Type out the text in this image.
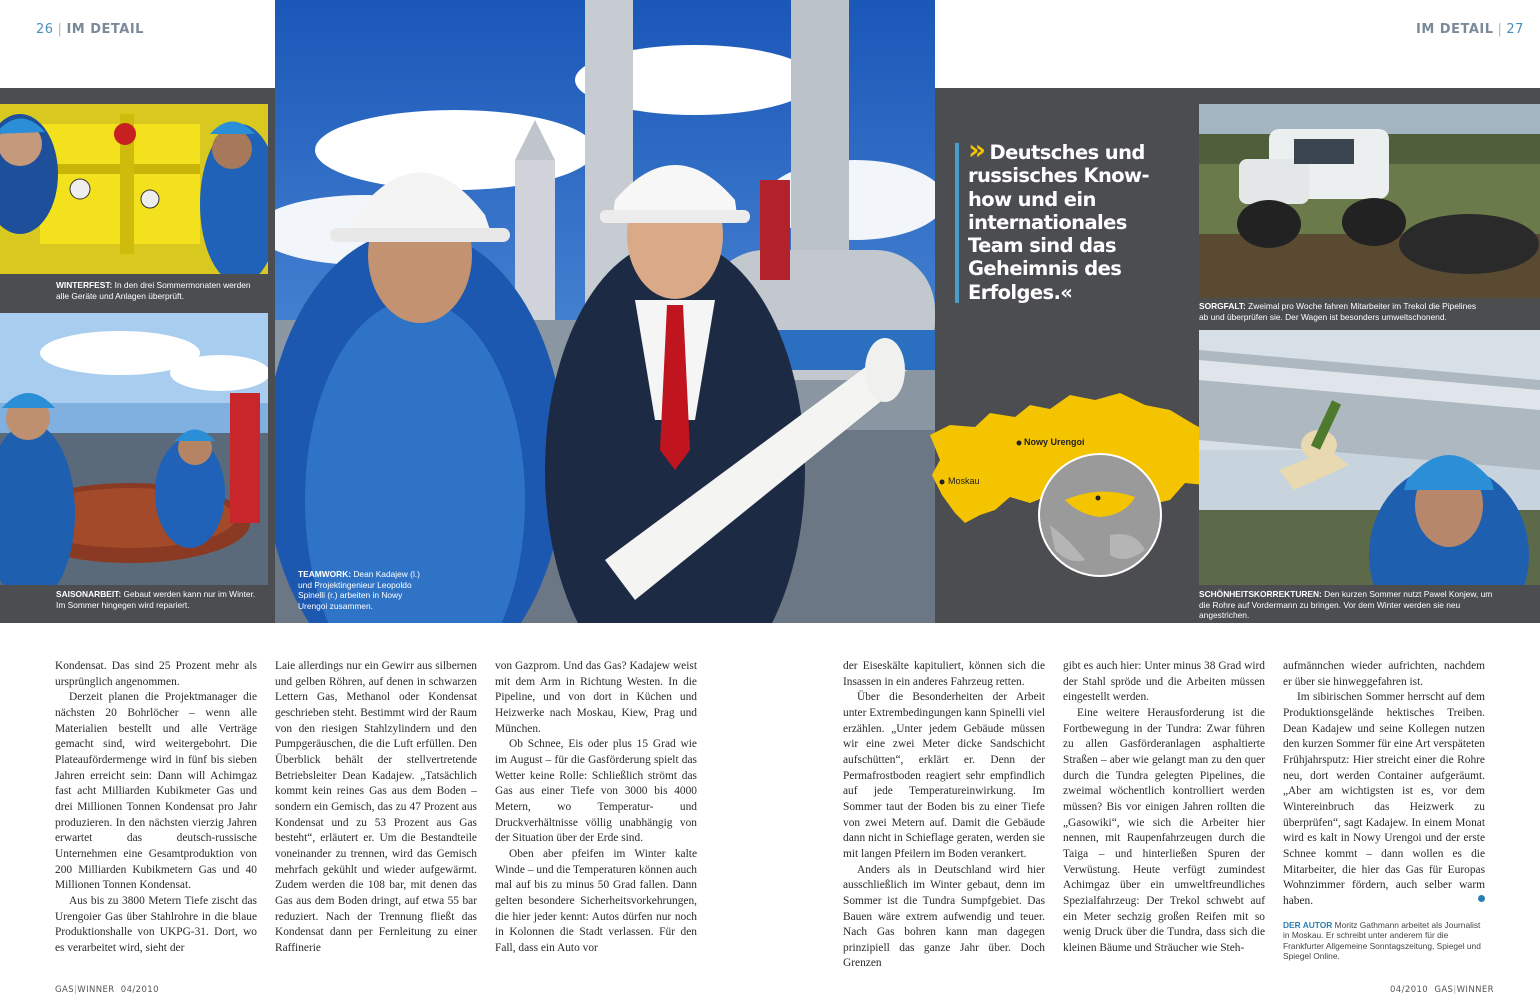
26 | IM DETAIL	IM DETAIL | 27
WINTERFEST: In den drei Sommermonaten werden alle Geräte und Anlagen überprüft.
SAISONARBEIT: Gebaut werden kann nur im Winter. Im Sommer hingegen wird repariert.
TEAMWORK: Dean Kadajew (l.) und Projektingenieur Leopoldo Spinelli (r.) arbeiten in Nowy Urengoi zusammen.
» Deutsches und russisches Know-how und ein internationales Team sind das Geheimnis des Erfolges.«
Nowy Urengoi
Moskau
SORGFALT: Zweimal pro Woche fahren Mitarbeiter im Trekol die Pipelines ab und überprüfen sie. Der Wagen ist besonders umweltschonend.
SCHÖNHEITSKORREKTUREN: Den kurzen Sommer nutzt Pawel Konjew, um die Rohre auf Vordermann zu bringen. Vor dem Winter werden sie neu angestrichen.

Kondensat. Das sind 25 Prozent mehr als ursprünglich angenommen.

Derzeit planen die Projektmanager die nächsten 20 Bohrlöcher – wenn alle Materialien bestellt und alle Verträge gemacht sind, wird weitergebohrt. Die Plateaufördermenge wird in fünf bis sieben Jahren erreicht sein: Dann will Achimgaz fast acht Milliarden Kubikmeter Gas und drei Millionen Tonnen Kondensat pro Jahr produzieren. In den nächsten vierzig Jahren erwartet das deutsch-russische Unternehmen eine Gesamtproduktion von 200 Milliarden Kubikmetern Gas und 40 Millionen Tonnen Kondensat.

Aus bis zu 3800 Metern Tiefe zischt das Urengoier Gas über Stahlrohre in die blaue Produktionshalle von UKPG-31. Dort, wo es verarbeitet wird, sieht der

Laie allerdings nur ein Gewirr aus silbernen und gelben Röhren, auf denen in schwarzen Lettern Gas, Methanol oder Kondensat geschrieben steht. Bestimmt wird der Raum von den riesigen Stahlzylindern und den Pumpgeräuschen, die die Luft erfüllen. Den Überblick behält der stellvertretende Betriebsleiter Dean Kadajew. „Tatsächlich kommt kein reines Gas aus dem Boden – sondern ein Gemisch, das zu 47 Prozent aus Kondensat und zu 53 Prozent aus Gas besteht“, erläutert er. Um die Bestandteile voneinander zu trennen, wird das Gemisch mehrfach gekühlt und wieder aufgewärmt. Zudem werden die 108 bar, mit denen das Gas aus dem Boden dringt, auf etwa 55 bar reduziert. Nach der Trennung fließt das Kondensat dann per Fernleitung zu einer Raffinerie

von Gazprom. Und das Gas? Kadajew weist mit dem Arm in Richtung Westen. In die Pipeline, und von dort in Küchen und Heizwerke nach Moskau, Kiew, Prag und München.

Ob Schnee, Eis oder plus 15 Grad wie im August – für die Gasförderung spielt das Wetter keine Rolle: Schließlich strömt das Gas aus einer Tiefe von 3000 bis 4000 Metern, wo Temperatur- und Druckverhältnisse völlig unabhängig von der Situation über der Erde sind.

Oben aber pfeifen im Winter kalte Winde – und die Temperaturen können auch mal auf bis zu minus 50 Grad fallen. Dann gelten besondere Sicherheitsvorkehrungen, die hier jeder kennt: Autos dürfen nur noch in Kolonnen die Stadt verlassen. Für den Fall, dass ein Auto vor

der Eiseskälte kapituliert, können sich die Insassen in ein anderes Fahrzeug retten.

Über die Besonderheiten der Arbeit unter Extrembedingungen kann Spinelli viel erzählen. „Unter jedem Gebäude müssen wir eine zwei Meter dicke Sandschicht aufschütten“, erklärt er. Denn der Permafrostboden reagiert sehr empfindlich auf jede Temperatureinwirkung. Im Sommer taut der Boden bis zu einer Tiefe von zwei Metern auf. Damit die Gebäude dann nicht in Schieflage geraten, werden sie mit langen Pfeilern im Boden verankert.

Anders als in Deutschland wird hier ausschließlich im Winter gebaut, denn im Sommer ist die Tundra Sumpfgebiet. Das Bauen wäre extrem aufwendig und teuer. Nach Gas bohren kann man dagegen prinzipiell das ganze Jahr über. Doch Grenzen

gibt es auch hier: Unter minus 38 Grad wird der Stahl spröde und die Arbeiten müssen eingestellt werden.

Eine weitere Herausforderung ist die Fortbewegung in der Tundra: Zwar führen zu allen Gasförderanlagen asphaltierte Straßen – aber wie gelangt man zu den quer durch die Tundra gelegten Pipelines, die zweimal wöchentlich kontrolliert werden müssen? Bis vor einigen Jahren rollten die „Gasowiki“, wie sich die Arbeiter hier nennen, mit Raupenfahrzeugen durch die Taiga – und hinterließen Spuren der Verwüstung. Heute verfügt zumindest Achimgaz über ein umweltfreundliches Spezialfahrzeug: Der Trekol schwebt auf ein Meter sechzig großen Reifen mit so wenig Druck über die Tundra, dass sich die kleinen Bäume und Sträucher wie Steh-

aufmännchen wieder aufrichten, nachdem er über sie hinweggefahren ist.

Im sibirischen Sommer herrscht auf dem Produktionsgelände hektisches Treiben. Dean Kadajew und seine Kollegen nutzen den kurzen Sommer für eine Art verspäteten Frühjahrsputz: Hier streicht einer die Rohre neu, dort werden Container aufgeräumt. „Aber am wichtigsten ist es, vor dem Wintereinbruch das Heizwerk zu überprüfen“, sagt Kadajew. In einem Monat wird es kalt in Nowy Urengoi und der erste Schnee kommt – dann wollen es die Mitarbeiter, die hier das Gas für Europas Wohnzimmer fördern, auch selber warm haben.

DER AUTOR Moritz Gathmann arbeitet als Journalist in Moskau. Er schreibt unter anderem für die Frankfurter Allgemeine Sonntagszeitung, Spiegel und Spiegel Online.
GAS|WINNER 04/2010	04/2010 GAS|WINNER
